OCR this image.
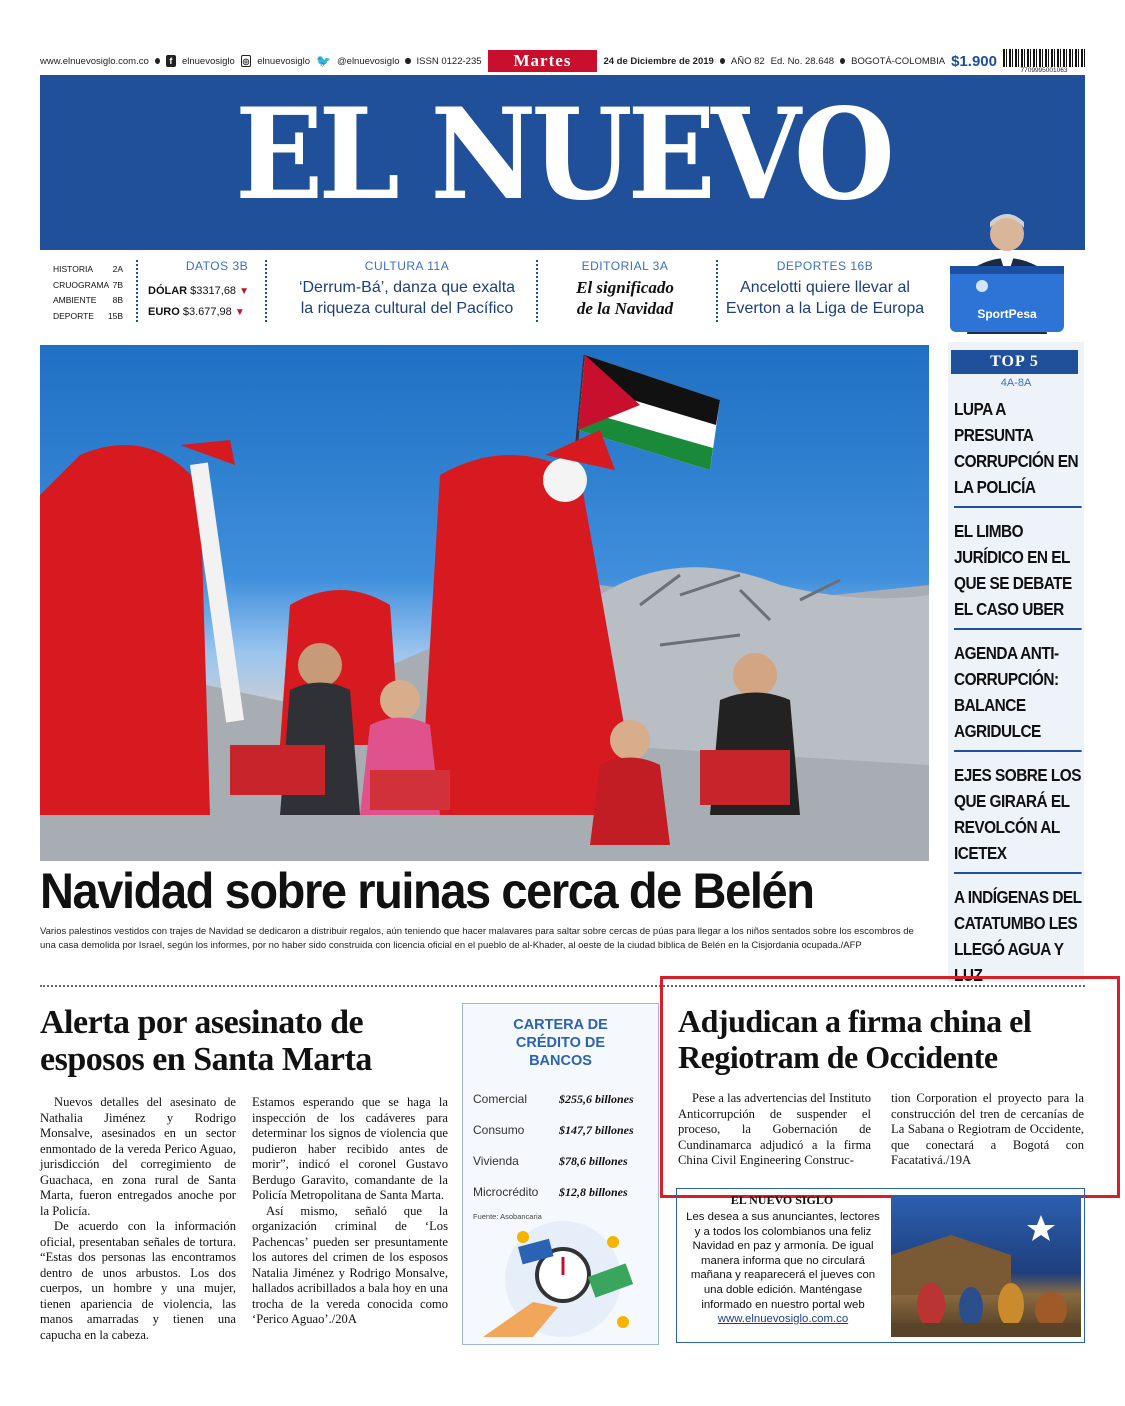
www.elnuevosiglo.com.co	f	elnuevosiglo ◎ elnuevosiglo 🐦 @elnuevosiglo ISSN 0122-235	Martes	24 de Diciembre de 2019 AÑO 82 Ed. No. 28.648 BOGOTÁ-COLOMBIA $1.900
7709995001063
EL NUEVO
HISTORIA 2A
CRUOGRAMA 7B
AMBIENTE 8B
DEPORTE 15B
DATOS 3B
DÓLAR $3317,68 ▼
EURO $3.677,98 ▼
CULTURA 11A
‘Derrum-Bá’, danza que exalta
la riqueza cultural del Pacífico
EDITORIAL 3A
El significado
de la Navidad
DEPORTES 16B
Ancelotti quiere llevar al
Everton a la Liga de Europa	SportPesa
Navidad sobre ruinas cerca de Belén
Varios palestinos vestidos con trajes de Navidad se dedicaron a distribuir regalos, aún teniendo que hacer malavares para saltar sobre cercas de púas para llegar a los niños sentados sobre los escombros de una casa demolida por Israel, según los informes, por no haber sido construida con licencia oficial en el pueblo de al-Khader, al oeste de la ciudad bíblica de Belén en la Cisjordania ocupada./AFP
TOP 5
4A-8A
LUPA A PRESUNTA CORRUPCIÓN EN LA POLICÍA
EL LIMBO JURÍDICO EN EL QUE SE DEBATE EL CASO UBER
AGENDA ANTI-CORRUPCIÓN: BALANCE AGRIDULCE
EJES SOBRE LOS QUE GIRARÁ EL REVOLCÓN AL ICETEX
A INDÍGENAS DEL CATATUMBO LES LLEGÓ AGUA Y LUZ
Alerta por asesinato de esposos en Santa Marta

Nuevos detalles del asesinato de Nathalia Jiménez y Rodrigo Monsalve, asesinados en un sector enmontado de la vereda Perico Aguao, jurisdicción del corregimiento de Guachaca, en zona rural de Santa Marta, fueron entregados anoche por la Policía.

De acuerdo con la información oficial, presentaban señales de tortura. “Estas dos personas las encontramos dentro de unos arbustos. Los dos cuerpos, un hombre y una mujer, tienen apariencia de violencia, las manos amarradas y tienen una capucha en la cabeza.

Estamos esperando que se haga la inspección de los cadáveres para determinar los signos de violencia que pudieron haber recibido antes de morir”, indicó el coronel Gustavo Berdugo Garavito, comandante de la Policía Metropolitana de Santa Marta.

Así mismo, señaló que la organización criminal de ‘Los Pachencas’ pueden ser presuntamente los autores del crimen de los esposos Natalia Jiménez y Rodrigo Monsalve, hallados acribillados a bala hoy en una trocha de la vereda conocida como ‘Perico Aguao’./20A

CARTERA DE CRÉDITO DE BANCOS
Comercial	$255,6 billones
Consumo	$147,7 billones
Vivienda	$78,6 billones
Microcrédito	$12,8 billones
Fuente: Asobancaria
Adjudican a firma china el Regiotram de Occidente

Pese a las advertencias del Instituto Anticorrupción de suspender el proceso, la Gobernación de Cundinamarca adjudicó a la firma China Civil Engineering Construc-

tion Corporation el proyecto para la construcción del tren de cercanías de La Sabana o Regiotram de Occidente, que conectará a Bogotá con Facatativá./19A

EL NUEVO SIGLO
Les desea a sus anunciantes, lectores y a todos los colombianos una feliz Navidad en paz y armonía. De igual manera informa que no circulará mañana y reaparecerá el jueves con una doble edición. Manténgase informado en nuestro portal web
www.elnuevosiglo.com.co
